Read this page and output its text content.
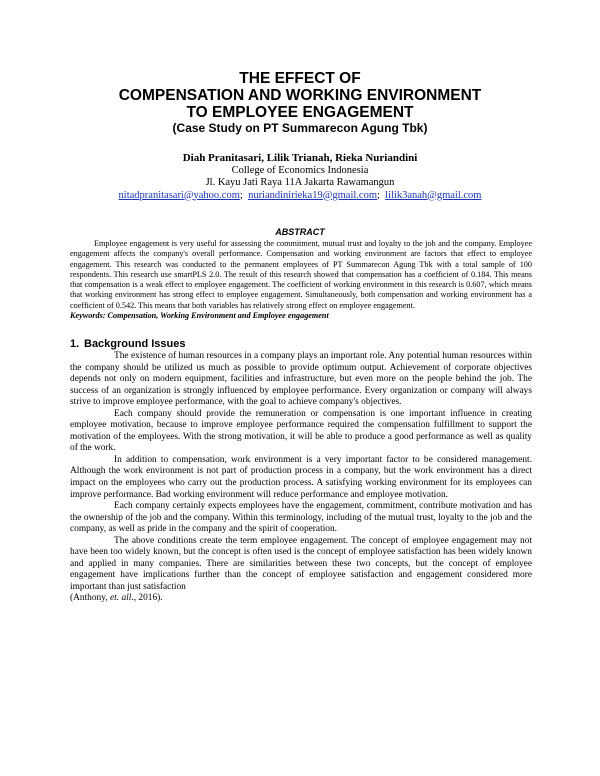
THE EFFECT OF
COMPENSATION AND WORKING ENVIRONMENT
TO EMPLOYEE ENGAGEMENT
(Case Study on PT Summarecon Agung Tbk)
Diah Pranitasari, Lilik Trianah, Rieka Nuriandini
College of Economics Indonesia
Jl. Kayu Jati Raya 11A Jakarta Rawamangun
nitadpranitasari@yahoo.com; nuriandinirieka19@gmail.com; lilik3anah@gmail.com
ABSTRACT

Employee engagement is very useful for assessing the commitment, mutual trust and loyalty to the job and the company. Employee engagement affects the company's overall performance. Compensation and working environment are factors that effect to employee engagement. This research was conducted to the permanent employees of PT Summarecon Agung Tbk with a total sample of 100 respondents. This research use smartPLS 2.0. The result of this research showed that compensation has a coefficient of 0.184. This means that compensation is a weak effect to employee engagement. The coefficient of working environment in this research is 0.607, which means that working environment has strong effect to employee engagement. Simultaneously, both compensation and working environment has a coefficient of 0.542. This means that both variables has relatively strong effect on employee engagement.

Keywords: Compensation, Working Environment and Employee engagement
1. Background Issues

The existence of human resources in a company plays an important role. Any potential human resources within the company should be utilized us much as possible to provide optimum output. Achievement of corporate objectives depends not only on modern equipment, facilities and infrastructure, but even more on the people behind the job. The success of an organization is strongly influenced by employee performance. Every organization or company will always strive to improve employee performance, with the goal to achieve company's objectives.

Each company should provide the remuneration or compensation is one important influence in creating employee motivation, because to improve employee performance required the compensation fulfillment to support the motivation of the employees. With the strong motivation, it will be able to produce a good performance as well as quality of the work.

In addition to compensation, work environment is a very important factor to be considered management. Although the work environment is not part of production process in a company, but the work environment has a direct impact on the employees who carry out the production process. A satisfying working environment for its employees can improve performance. Bad working environment will reduce performance and employee motivation.

Each company certainly expects employees have the engagement, commitment, contribute motivation and has the ownership of the job and the company. Within this terminology, including of the mutual trust, loyalty to the job and the company, as well as pride in the company and the spirit of cooperation.

The above conditions create the term employee engagement. The concept of employee engagement may not have been too widely known, but the concept is often used is the concept of employee satisfaction has been widely known and applied in many companies. There are similarities between these two concepts, but the concept of employee engagement have implications further than the concept of employee satisfaction and engagement considered more important than just satisfaction

(Anthony, et. all., 2016).
